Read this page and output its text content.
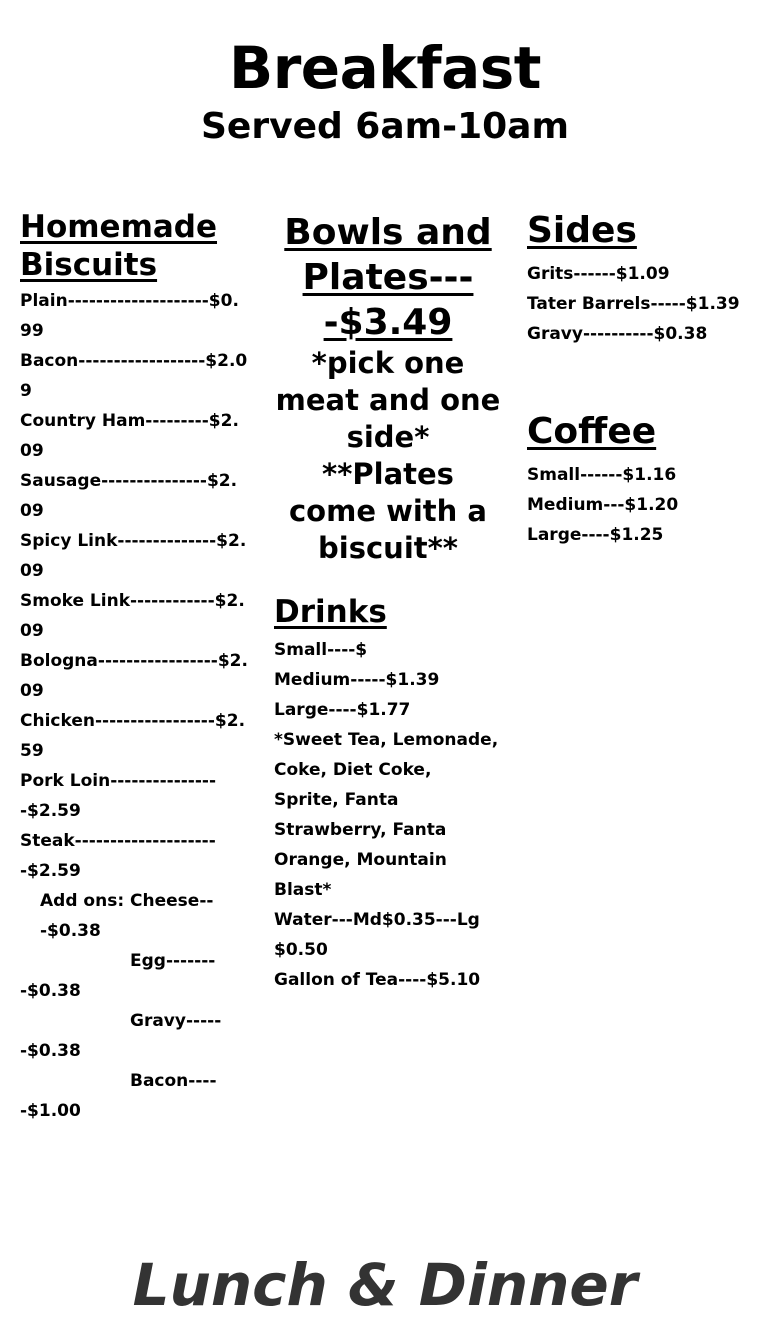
Breakfast
Served 6am-10am
Homemade Biscuits
Plain--------------------$0.99
Bacon------------------$2.09
Country Ham---------$2.09
Sausage---------------$2.09
Spicy Link--------------$2.09
Smoke Link------------$2.09
Bologna-----------------$2.09
Chicken-----------------$2.59
Pork Loin----------------$2.59
Steak---------------------$2.59
Add ons: Cheese---$0.38
Egg--------$0.38
Gravy------$0.38
Bacon-----$1.00
Bowls and Plates----$3.49

*pick one meat and one side*

**Plates come with a biscuit**

Drinks
Small----$
Medium-----$1.39
Large----$1.77
*Sweet Tea, Lemonade, Coke, Diet Coke, Sprite, Fanta Strawberry, Fanta Orange, Mountain Blast*
Water---Md$0.35---Lg$0.50
Gallon of Tea----$5.10
Sides
Grits------$1.09
Tater Barrels-----$1.39
Gravy----------$0.38
Coffee
Small------$1.16
Medium---$1.20
Large----$1.25
Lunch & Dinner
